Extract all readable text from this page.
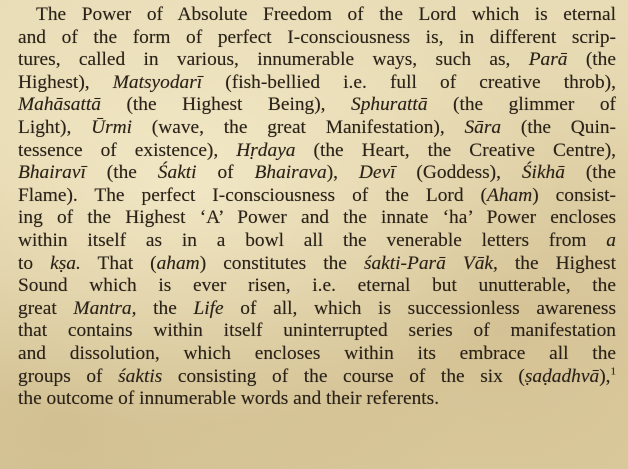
The Power of Absolute Freedom of the Lord which is eternal
and of the form of perfect I-consciousness is, in different scrip-
tures, called in various, innumerable ways, such as, Parā (the
Highest), Matsyodarī (fish-bellied i.e. full of creative throb),
Mahāsattā (the Highest Being), Sphurattā (the glimmer of
Light), Ūrmi (wave, the great Manifestation), Sāra (the Quin-
tessence of existence), Hṛdaya (the Heart, the Creative Centre),
Bhairavī (the Śakti of Bhairava), Devī (Goddess), Śikhā (the
Flame). The perfect I-consciousness of the Lord (Aham) consist-
ing of the Highest ‘A’ Power and the innate ‘ha’ Power encloses
within itself as in a bowl all the venerable letters from a
to kṣa. That (aham) constitutes the śakti-Parā Vāk, the Highest
Sound which is ever risen, i.e. eternal but unutterable, the
great Mantra, the Life of all, which is successionless awareness
that contains within itself uninterrupted series of manifestation
and dissolution, which encloses within its embrace all the
groups of śaktis consisting of the course of the six (ṣaḍadhvā),$^1$
the outcome of innumerable words and their referents.
